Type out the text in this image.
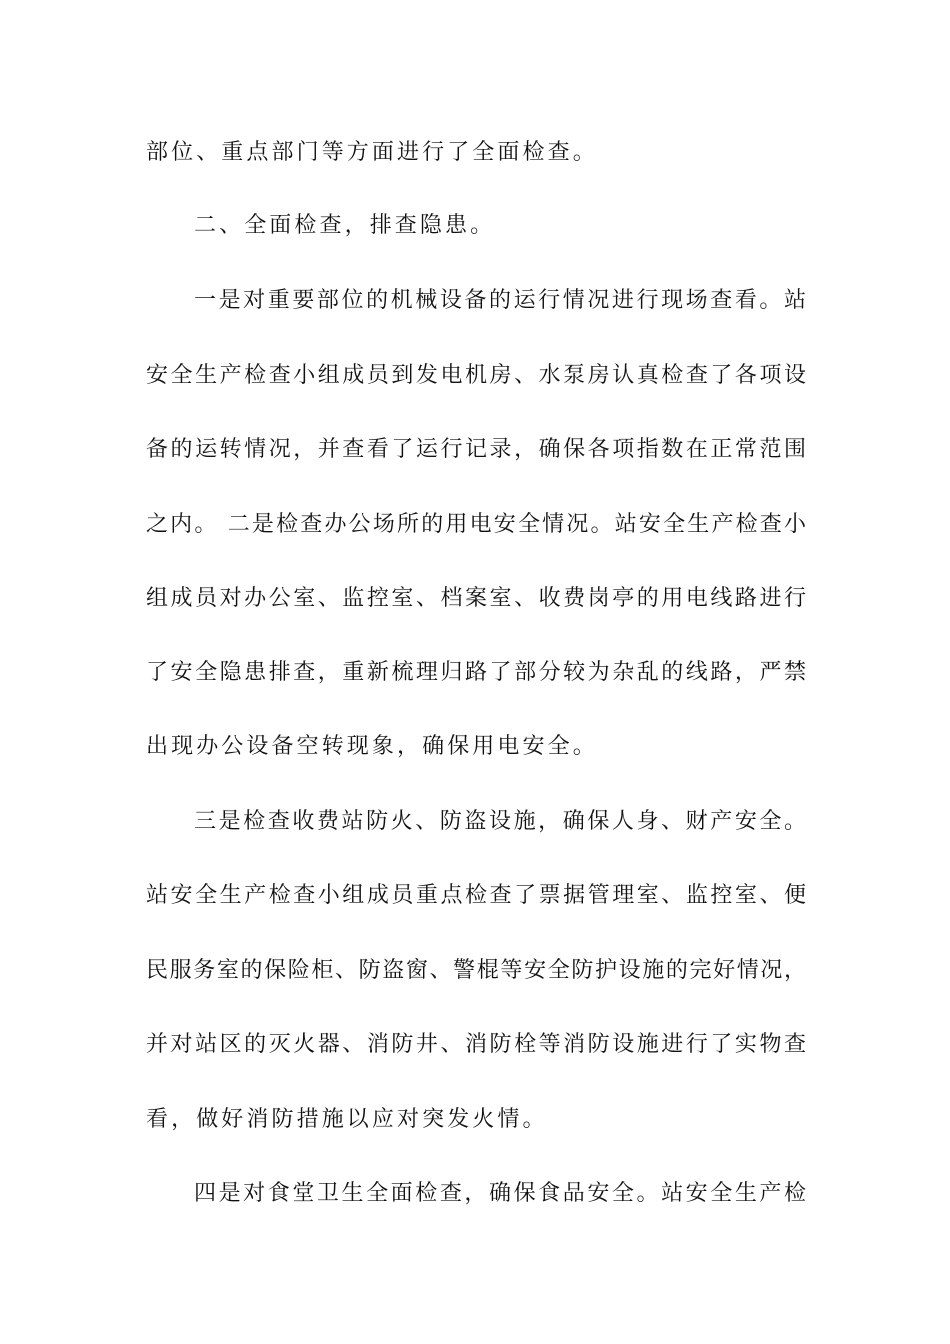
部位、重点部门等方面进行了全面检查。
二、全面检查，排查隐患。
一是对重要部位的机械设备的运行情况进行现场查看。站
安全生产检查小组成员到发电机房、水泵房认真检查了各项设
备的运转情况，并查看了运行记录，确保各项指数在正常范围
之内。 二是检查办公场所的用电安全情况。站安全生产检查小
组成员对办公室、监控室、档案室、收费岗亭的用电线路进行
了安全隐患排查，重新梳理归路了部分较为杂乱的线路，严禁
出现办公设备空转现象，确保用电安全。
三是检查收费站防火、防盗设施，确保人身、财产安全。
站安全生产检查小组成员重点检查了票据管理室、监控室、便
民服务室的保险柜、防盗窗、警棍等安全防护设施的完好情况，
并对站区的灭火器、消防井、消防栓等消防设施进行了实物查
看，做好消防措施以应对突发火情。
四是对食堂卫生全面检查，确保食品安全。站安全生产检
